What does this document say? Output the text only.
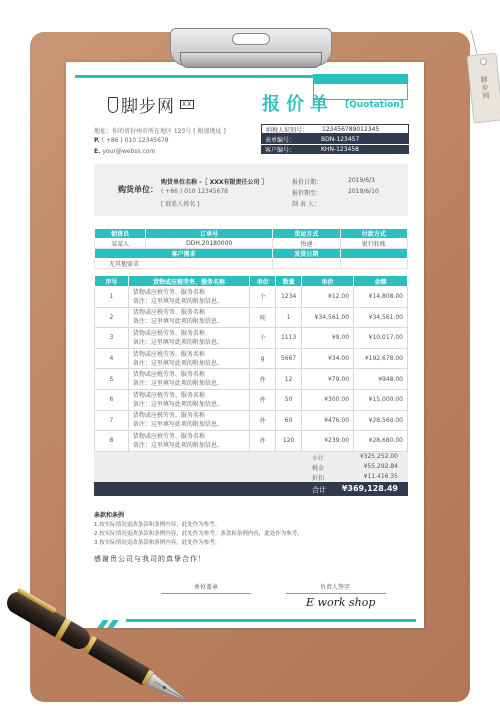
脚步网
脚步网	XX	报价单 [Quotation]
地址：你的省份州市所在地区 123号 [ 附加地址 ]
P. ( +86 ) 010 12345678
E. your@webss.com
纳税人识别号：	123456789012345
表单编号：	BDN-123457
客户编号：	KHN-123458
购货单位：
购货单位名称 -［ XXX有限责任公司 ］
( +86 ) 010 12345678
[ 联系人姓名 ]
报价日期：	2019/6/3
报价期至：	2019/6/10
制 表 人：
销售员	订单号	货运方式	付款方式
某某人	DDH.20180000	快递	银行转账
客户需求		发货日期	
无其他需求			
序号	货物或应税劳务、服务名称	单位	数量	单价	金额
1	货物或应税劳务、服务名称
备注：这里填写此项的附加信息。	个	1234	¥12.00	¥14,808.00
2	货物或应税劳务、服务名称
备注：这里填写此项的附加信息。	吨	1	¥34,561.00	¥34,561.00
3	货物或应税劳务、服务名称
备注：这里填写此项的附加信息。	个	1113	¥9.00	¥10,017.00
4	货物或应税劳务、服务名称
备注：这里填写此项的附加信息。	g	5667	¥34.00	¥192,678.00
5	货物或应税劳务、服务名称
备注：这里填写此项的附加信息。	件	12	¥79.00	¥948.00
6	货物或应税劳务、服务名称
备注：这里填写此项的附加信息。	件	50	¥300.00	¥15,000.00
7	货物或应税劳务、服务名称
备注：这里填写此项的附加信息。	件	60	¥476.00	¥28,560.00
8	货物或应税劳务、服务名称
备注：这里填写此项的附加信息。	件	120	¥239.00	¥28,680.00
小计	¥325,252.00
税金	¥55,292.84
折扣	¥11,416.35
合计 ¥369,128.49
条款和条例
1.按实际情况更改条款和条例内容，此处作为参考。
2.按实际情况更改条款和条例内容，此处作为参考。条款和条例内容，此处作为参考。
3.按实际情况更改条款和条例内容，此处作为参考。
感谢贵公司与我司的真挚合作！
单位盖章	负责人签字
E work shop
